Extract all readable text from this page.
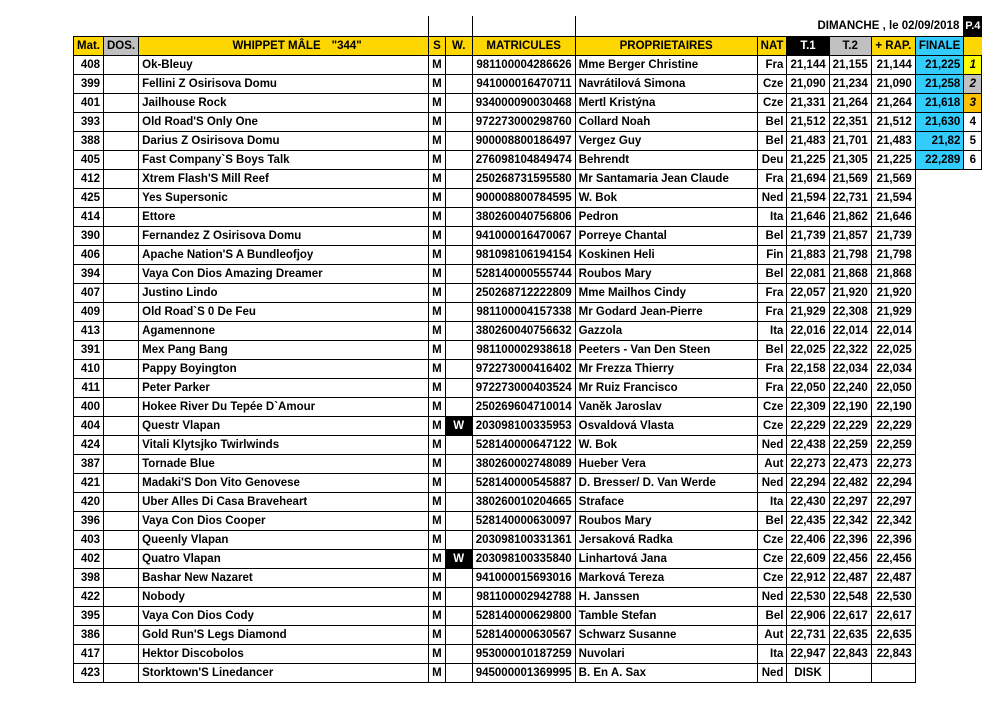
								DIMANCHE , le 02/09/2018					P.4
Mat.	DOS.	WHIPPET MÂLE	"344"	S	W.	MATRICULES	PROPRIETAIRES	NAT	T.1	T.2	+ RAP.	FINALE	
408		Ok-Bleuy		M		981100004286626	Mme Berger Christine	Fra	21,144	21,155	21,144	21,225	1
399		Fellini Z Osirisova Domu		M		941000016470711	Navrátilová Simona	Cze	21,090	21,234	21,090	21,258	2
401		Jailhouse Rock		M		934000090030468	Mertl Kristýna	Cze	21,331	21,264	21,264	21,618	3
393		Old Road'S Only One		M		972273000298760	Collard Noah	Bel	21,512	22,351	21,512	21,630	4
388		Darius Z Osirisova Domu		M		900008800186497	Vergez Guy	Bel	21,483	21,701	21,483	21,82	5
405		Fast Company`S Boys Talk		M		276098104849474	Behrendt	Deu	21,225	21,305	21,225	22,289	6
412		Xtrem Flash'S Mill Reef		M		250268731595580	Mr Santamaria Jean Claude	Fra	21,694	21,569	21,569		
425		Yes Supersonic		M		900008800784595	W. Bok	Ned	21,594	22,731	21,594		
414		Ettore		M		380260040756806	Pedron	Ita	21,646	21,862	21,646		
390		Fernandez Z Osirisova Domu		M		941000016470067	Porreye Chantal	Bel	21,739	21,857	21,739		
406		Apache Nation'S A Bundleofjoy		M		981098106194154	Koskinen Heli	Fin	21,883	21,798	21,798		
394		Vaya Con Dios Amazing Dreamer		M		528140000555744	Roubos Mary	Bel	22,081	21,868	21,868		
407		Justino Lindo		M		250268712222809	Mme Mailhos Cindy	Fra	22,057	21,920	21,920		
409		Old Road`S 0 De Feu		M		981100004157338	Mr Godard Jean-Pierre	Fra	21,929	22,308	21,929		
413		Agamennone		M		380260040756632	Gazzola	Ita	22,016	22,014	22,014		
391		Mex Pang Bang		M		981100002938618	Peeters - Van Den Steen	Bel	22,025	22,322	22,025		
410		Pappy Boyington		M		972273000416402	Mr Frezza Thierry	Fra	22,158	22,034	22,034		
411		Peter Parker		M		972273000403524	Mr Ruiz Francisco	Fra	22,050	22,240	22,050		
400		Hokee River Du Tepée D`Amour		M		250269604710014	Vaněk Jaroslav	Cze	22,309	22,190	22,190		
404		Questr Vlapan		M	W	203098100335953	Osvaldová Vlasta	Cze	22,229	22,229	22,229		
424		Vitali Klytsjko Twirlwinds		M		528140000647122	W. Bok	Ned	22,438	22,259	22,259		
387		Tornade Blue		M		380260002748089	Hueber Vera	Aut	22,273	22,473	22,273		
421		Madaki'S Don Vito Genovese		M		528140000545887	D. Bresser/ D. Van Werde	Ned	22,294	22,482	22,294		
420		Uber Alles Di Casa Braveheart		M		380260010204665	Straface	Ita	22,430	22,297	22,297		
396		Vaya Con Dios Cooper		M		528140000630097	Roubos Mary	Bel	22,435	22,342	22,342		
403		Queenly Vlapan		M		203098100331361	Jersaková Radka	Cze	22,406	22,396	22,396		
402		Quatro Vlapan		M	W	203098100335840	Linhartová Jana	Cze	22,609	22,456	22,456		
398		Bashar New Nazaret		M		941000015693016	Marková Tereza	Cze	22,912	22,487	22,487		
422		Nobody		M		981100002942788	H. Janssen	Ned	22,530	22,548	22,530		
395		Vaya Con Dios Cody		M		528140000629800	Tamble Stefan	Bel	22,906	22,617	22,617		
386		Gold Run'S Legs Diamond		M		528140000630567	Schwarz Susanne	Aut	22,731	22,635	22,635		
417		Hektor Discobolos		M		953000010187259	Nuvolari	Ita	22,947	22,843	22,843		
423		Storktown'S Linedancer		M		945000001369995	B. En A. Sax	Ned	DISK				
